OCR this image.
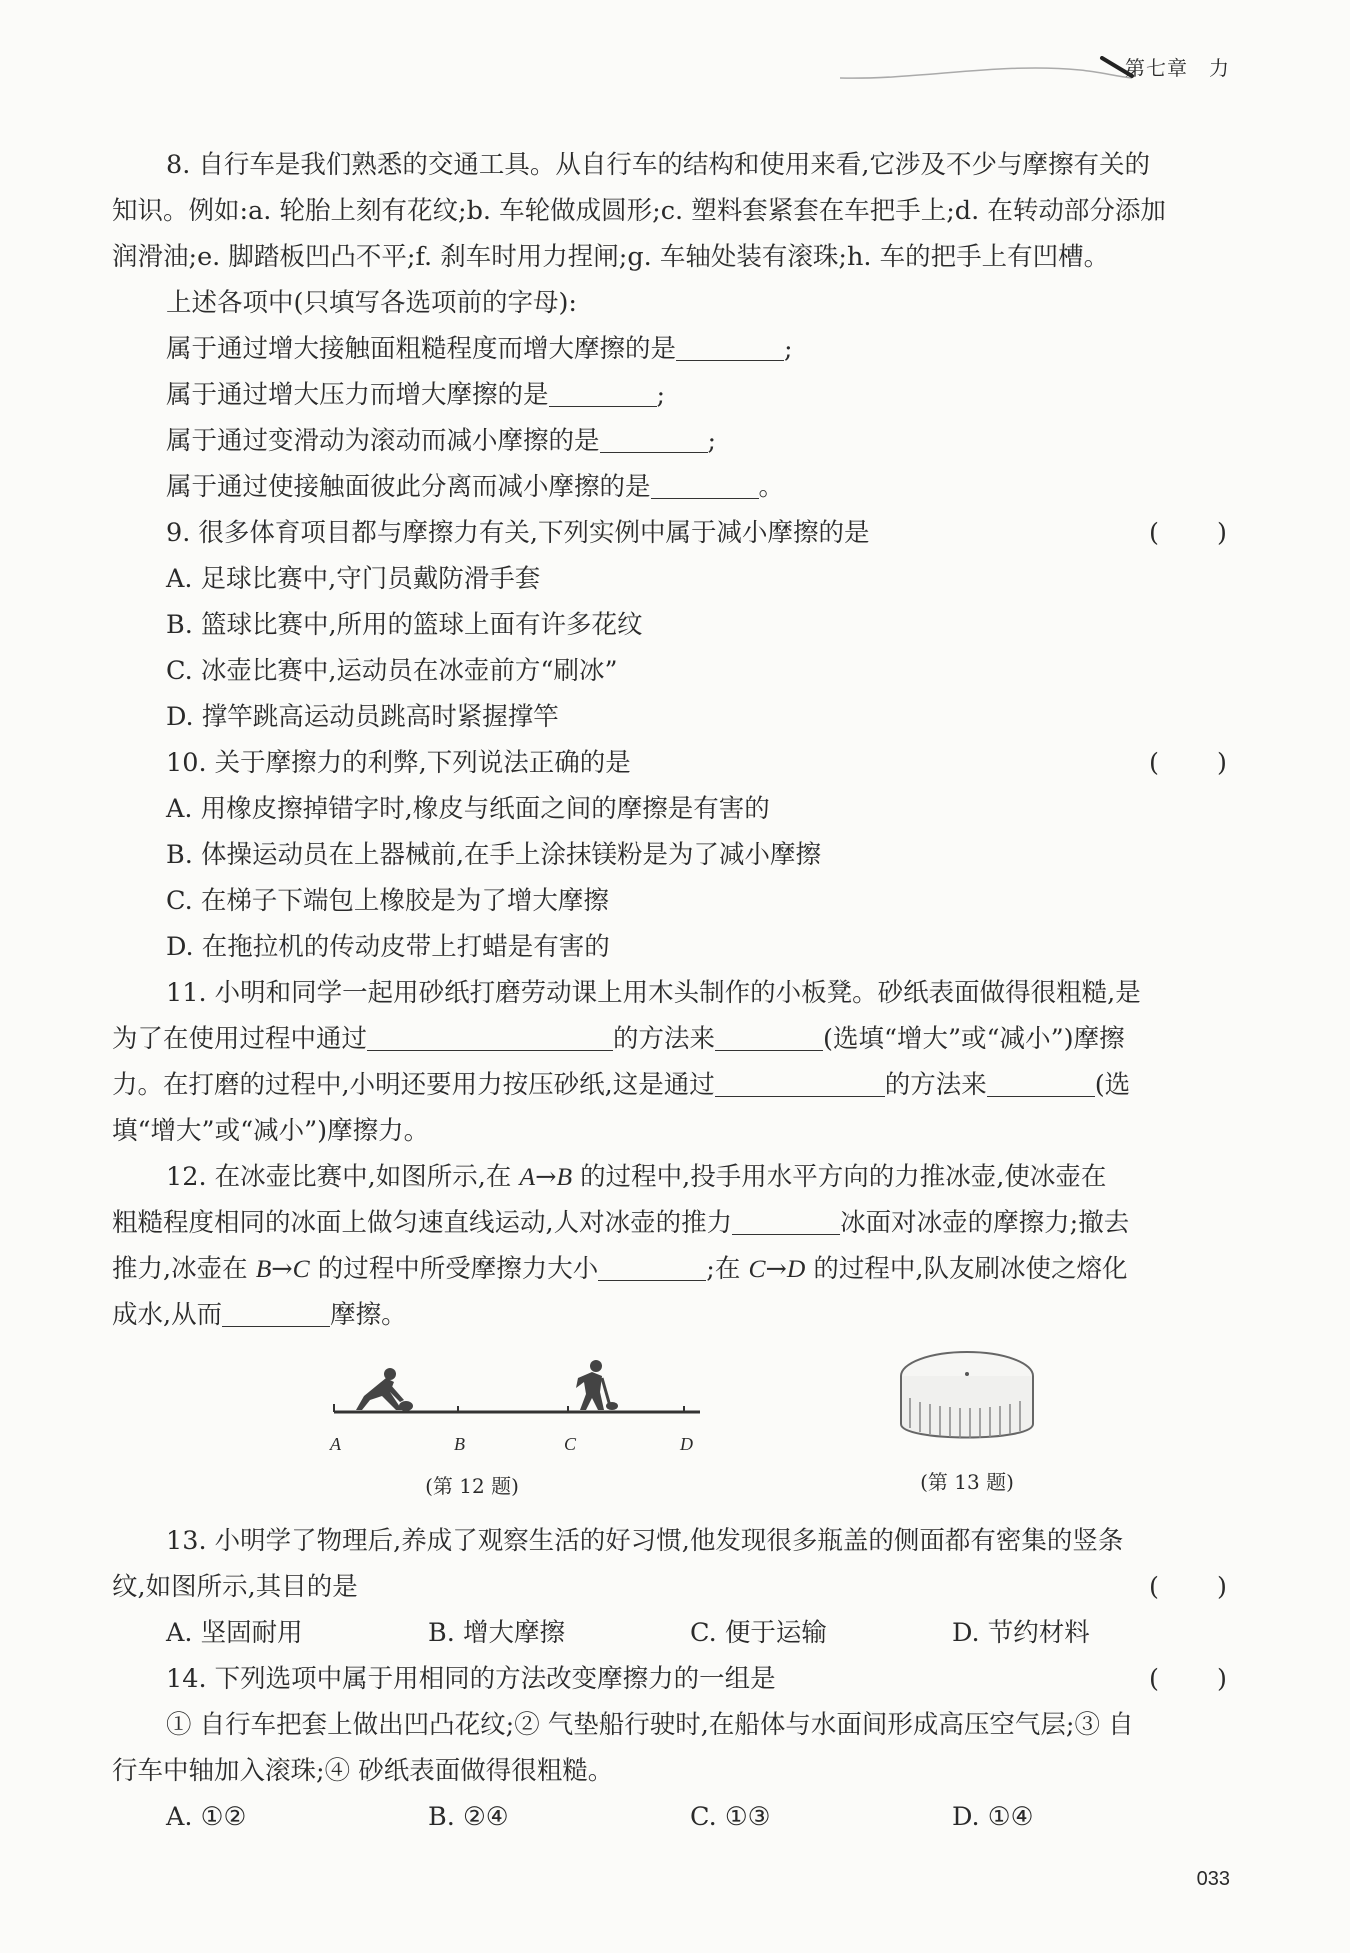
第七章　力
8. 自行车是我们熟悉的交通工具。从自行车的结构和使用来看,它涉及不少与摩擦有关的
知识。例如:a. 轮胎上刻有花纹;b. 车轮做成圆形;c. 塑料套紧套在车把手上;d. 在转动部分添加
润滑油;e. 脚踏板凹凸不平;f. 刹车时用力捏闸;g. 车轴处装有滚珠;h. 车的把手上有凹槽。
上述各项中(只填写各选项前的字母):
属于通过增大接触面粗糙程度而增大摩擦的是	;
属于通过增大压力而增大摩擦的是	;
属于通过变滑动为滚动而减小摩擦的是	;
属于通过使接触面彼此分离而减小摩擦的是	。
9. 很多体育项目都与摩擦力有关,下列实例中属于减小摩擦的是	( )
A. 足球比赛中,守门员戴防滑手套
B. 篮球比赛中,所用的篮球上面有许多花纹
C. 冰壶比赛中,运动员在冰壶前方“刷冰”
D. 撑竿跳高运动员跳高时紧握撑竿
10. 关于摩擦力的利弊,下列说法正确的是	( )
A. 用橡皮擦掉错字时,橡皮与纸面之间的摩擦是有害的
B. 体操运动员在上器械前,在手上涂抹镁粉是为了减小摩擦
C. 在梯子下端包上橡胶是为了增大摩擦
D. 在拖拉机的传动皮带上打蜡是有害的
11. 小明和同学一起用砂纸打磨劳动课上用木头制作的小板凳。砂纸表面做得很粗糙,是
为了在使用过程中通过	的方法来	(选填“增大”或“减小”)摩擦
力。在打磨的过程中,小明还要用力按压砂纸,这是通过	的方法来	(选
填“增大”或“减小”)摩擦力。
12. 在冰壶比赛中,如图所示,在 A→B 的过程中,投手用水平方向的力推冰壶,使冰壶在
粗糙程度相同的冰面上做匀速直线运动,人对冰壶的推力	冰面对冰壶的摩擦力;撤去
推力,冰壶在 B→C 的过程中所受摩擦力大小	;在 C→D 的过程中,队友刷冰使之熔化
成水,从而	摩擦。
A	B	C	D
(第 12 题)	(第 13 题)
13. 小明学了物理后,养成了观察生活的好习惯,他发现很多瓶盖的侧面都有密集的竖条
纹,如图所示,其目的是	( )
A. 坚固耐用	B. 增大摩擦	C. 便于运输	D. 节约材料
14. 下列选项中属于用相同的方法改变摩擦力的一组是	( )
① 自行车把套上做出凹凸花纹;② 气垫船行驶时,在船体与水面间形成高压空气层;③ 自
行车中轴加入滚珠;④ 砂纸表面做得很粗糙。
A. ①②	B. ②④	C. ①③	D. ①④
033
